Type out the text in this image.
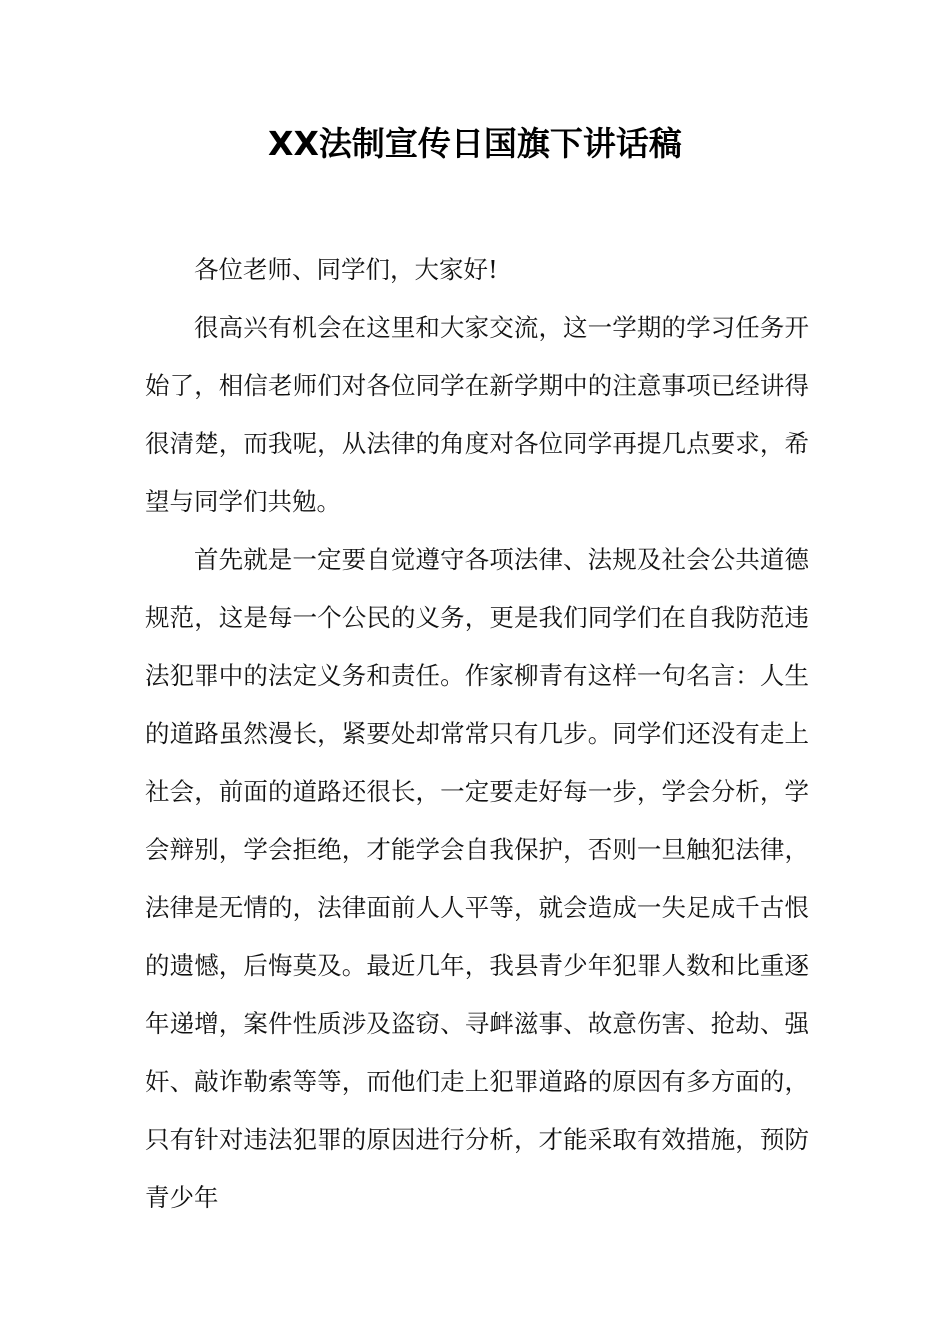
XX法制宣传日国旗下讲话稿

各位老师、同学们，大家好!

很高兴有机会在这里和大家交流，这一学期的学习任务开始了，相信老师们对各位同学在新学期中的注意事项已经讲得很清楚，而我呢，从法律的角度对各位同学再提几点要求，希望与同学们共勉。

首先就是一定要自觉遵守各项法律、法规及社会公共道德规范，这是每一个公民的义务，更是我们同学们在自我防范违法犯罪中的法定义务和责任。作家柳青有这样一句名言：人生的道路虽然漫长，紧要处却常常只有几步。同学们还没有走上社会，前面的道路还很长，一定要走好每一步，学会分析，学会辩别，学会拒绝，才能学会自我保护，否则一旦触犯法律，法律是无情的，法律面前人人平等，就会造成一失足成千古恨的遗憾，后悔莫及。最近几年，我县青少年犯罪人数和比重逐年递增，案件性质涉及盗窃、寻衅滋事、故意伤害、抢劫、强奸、敲诈勒索等等，而他们走上犯罪道路的原因有多方面的，只有针对违法犯罪的原因进行分析，才能采取有效措施，预防青少年
